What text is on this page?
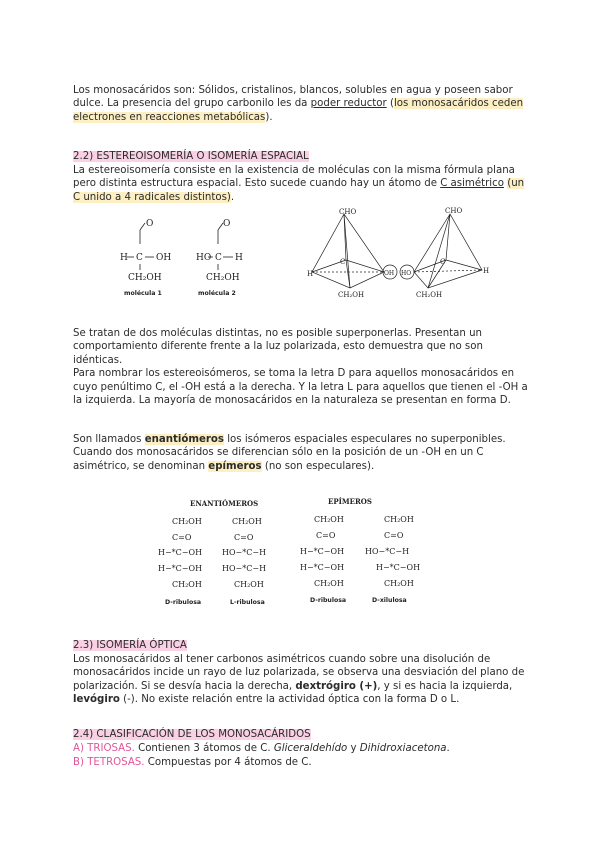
Los monosacáridos son: Sólidos, cristalinos, blancos, solubles en agua y poseen sabor dulce. La presencia del grupo carbonilo les da poder reductor (los monosacáridos ceden electrones en reacciones metabólicas).
2.2) ESTEREOISOMERÍA O ISOMERÍA ESPACIAL
La estereoisomería consiste en la existencia de moléculas con la misma fórmula plana pero distinta estructura espacial. Esto sucede cuando hay un átomo de C asimétrico (un C unido a 4 radicales distintos).
O
H C OH
CH₂OH
molécula 1
O
HO C H
CH₂OH
molécula 2
CHO	CHO
H
C
OH HO
C
H
CH₂OH	CH₂OH
Se tratan de dos moléculas distintas, no es posible superponerlas. Presentan un comportamiento diferente frente a la luz polarizada, esto demuestra que no son idénticas.
Para nombrar los estereoisómeros, se toma la letra D para aquellos monosacáridos en cuyo penúltimo C, el -OH está a la derecha. Y la letra L para aquellos que tienen el -OH a la izquierda. La mayoría de monosacáridos en la naturaleza se presentan en forma D.
Son llamados enantiómeros los isómeros espaciales especulares no superponibles. Cuando dos monosacáridos se diferencian sólo en la posición de un -OH en un C asimétrico, se denominan epímeros (no son especulares).
ENANTIÓMEROS	EPÍMEROS
CH₂OH
C=O
H−*C−OH
H−*C−OH
CH₂OH
D-ribulosa
CH₂OH
C=O
HO−*C−H
HO−*C−H
CH₂OH
L-ribulosa
CH₂OH
C=O
H−*C−OH
H−*C−OH
CH₂OH
D-ribulosa
CH₂OH
C=O
HO−*C−H
H−*C−OH
CH₂OH
D-xilulosa
2.3) ISOMERÍA ÓPTICA
Los monosacáridos al tener carbonos asimétricos cuando sobre una disolución de monosacáridos incide un rayo de luz polarizada, se observa una desviación del plano de polarización. Si se desvía hacia la derecha, dextrógiro (+), y si es hacia la izquierda, levógiro (-). No existe relación entre la actividad óptica con la forma D o L.
2.4) CLASIFICACIÓN DE LOS MONOSACÁRIDOS
A) TRIOSAS. Contienen 3 átomos de C. Gliceraldehído y Dihidroxiacetona.
B) TETROSAS. Compuestas por 4 átomos de C.
